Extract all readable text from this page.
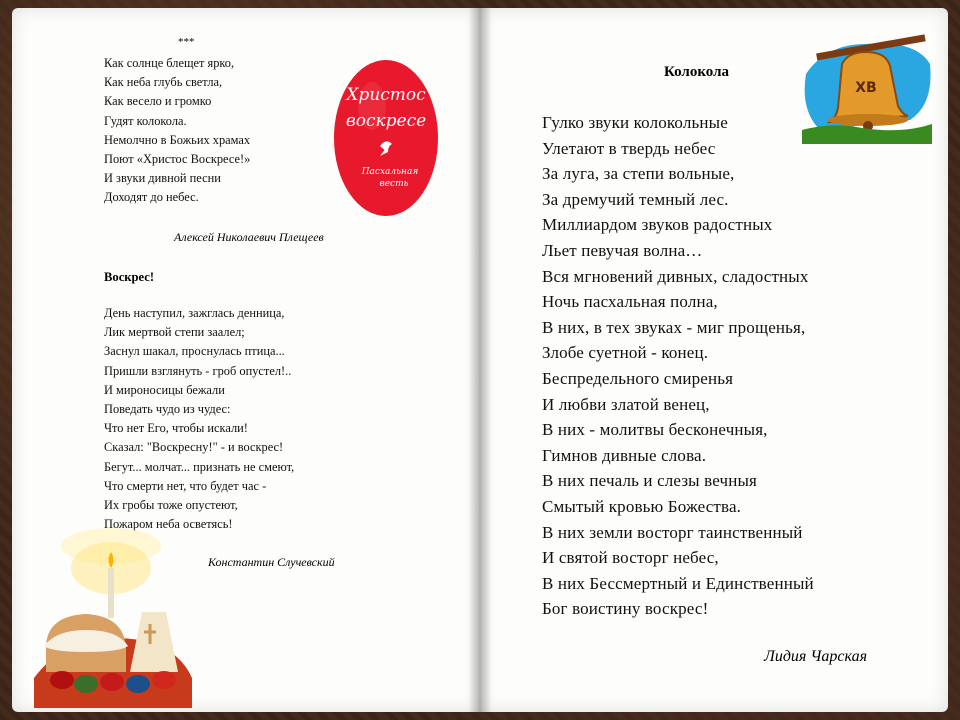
***
Как солнце блещет ярко,
Как неба глубь светла,
Как весело и громко
Гудят колокола.
Немолчно в Божьих храмах
Поют «Христос Воскресе!»
И звуки дивной песни
Доходят до небес.
Алексей Николаевич Плещеев
Христос
воскресе
Пасхальная
весть
Воскрес!
День наступил, зажглась денница,
Лик мертвой степи заалел;
Заснул шакал, проснулась птица...
Пришли взглянуть - гроб опустел!..
И мироносицы бежали
Поведать чудо из чудес:
Что нет Его, чтобы искали!
Сказал: "Воскресну!" - и воскрес!
Бегут... молчат... признать не смеют,
Что смерти нет, что будет час -
Их гробы тоже опустеют,
Пожаром неба осветясь!
Константин Случевский
Колокола
ХВ
Гулко звуки колокольные
Улетают в твердь небес
За луга, за степи вольные,
За дремучий темный лес.
Миллиардом звуков радостных
Льет певучая волна…
Вся мгновений дивных, сладостных
Ночь пасхальная полна,
В них, в тех звуках - миг прощенья,
Злобе суетной - конец.
Беспредельного смиренья
И любви златой венец,
В них - молитвы бесконечныя,
Гимнов дивные слова.
В них печаль и слезы вечныя
Смытый кровью Божества.
В них земли восторг таинственный
И святой восторг небес,
В них Бессмертный и Единственный
Бог воистину воскрес!
Лидия Чарская
